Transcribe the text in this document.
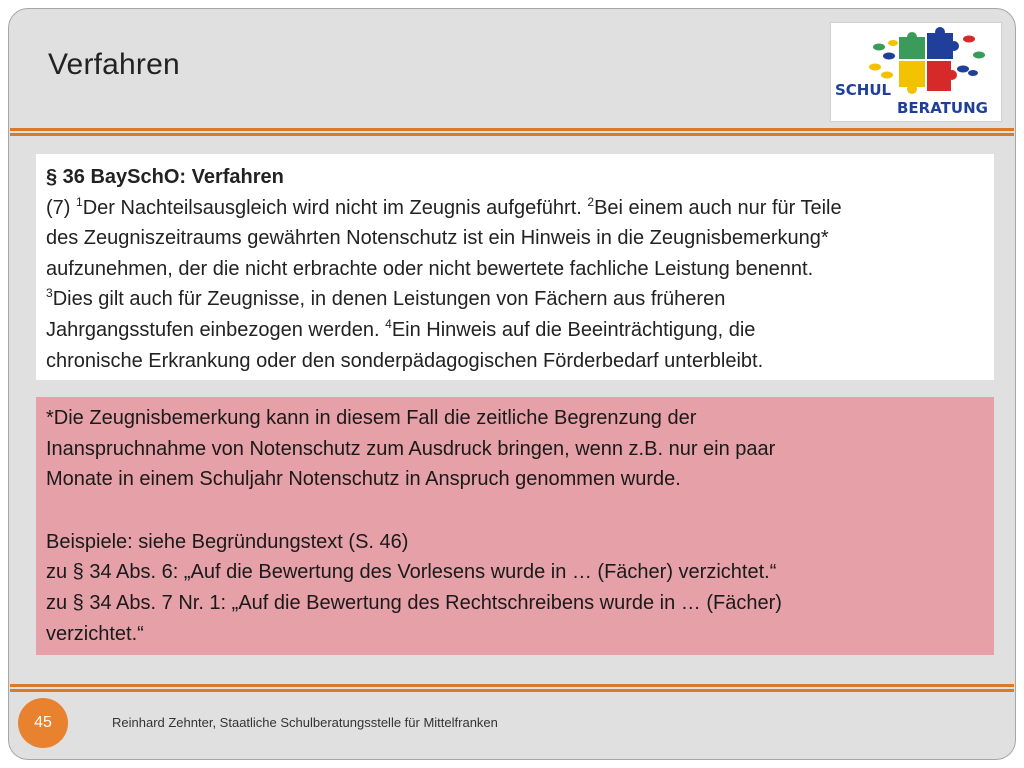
Verfahren
SCHUL
BERATUNG
§ 36 BaySchO: Verfahren
(7) $^1$Der Nachteilsausgleich wird nicht im Zeugnis aufgeführt. $^2$Bei einem auch nur für Teile
des Zeugniszeitraums gewährten Notenschutz ist ein Hinweis in die Zeugnisbemerkung*
aufzunehmen, der die nicht erbrachte oder nicht bewertete fachliche Leistung benennt.
$^3$Dies gilt auch für Zeugnisse, in denen Leistungen von Fächern aus früheren
Jahrgangsstufen einbezogen werden. $^4$Ein Hinweis auf die Beeinträchtigung, die
chronische Erkrankung oder den sonderpädagogischen Förderbedarf unterbleibt.
*Die Zeugnisbemerkung kann in diesem Fall die zeitliche Begrenzung der
Inanspruchnahme von Notenschutz zum Ausdruck bringen, wenn z.B. nur ein paar
Monate in einem Schuljahr Notenschutz in Anspruch genommen wurde.
Beispiele: siehe Begründungstext (S. 46)
zu § 34 Abs. 6: „Auf die Bewertung des Vorlesens wurde in … (Fächer) verzichtet.“
zu § 34 Abs. 7 Nr. 1: „Auf die Bewertung des Rechtschreibens wurde in … (Fächer)
verzichtet.“
45	Reinhard Zehnter, Staatliche Schulberatungsstelle für Mittelfranken
